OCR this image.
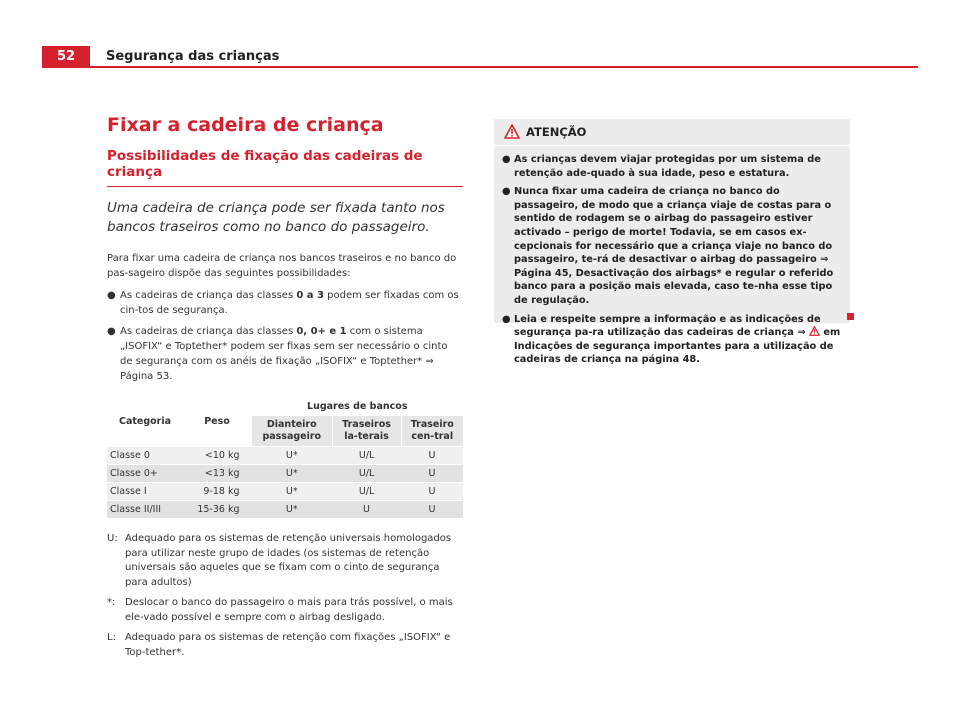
52	Segurança das crianças
Fixar a cadeira de criança
Possibilidades de fixação das cadeiras de criança
Uma cadeira de criança pode ser fixada tanto nos bancos traseiros como no banco do passageiro.

Para fixar uma cadeira de criança nos bancos traseiros e no banco do pas-sageiro dispõe das seguintes possibilidades:

● As cadeiras de criança das classes 0 a 3 podem ser fixadas com os cin-tos de segurança.
● As cadeiras de criança das classes 0, 0+ e 1 com o sistema „ISOFIX“ e Toptether* podem ser fixas sem ser necessário o cinto de segurança com os anéis de fixação „ISOFIX“ e Toptether* ⇒ Página 53.
Categoria	Peso	Lugares de bancos		
		Dianteiro passageiro	Traseiros la-terais	Traseiro cen-tral
Classe 0	<10 kg	U*	U/L	U
Classe 0+	<13 kg	U*	U/L	U
Classe I	9-18 kg	U*	U/L	U
Classe II/III	15-36 kg	U*	U	U
U: Adequado para os sistemas de retenção universais homologados para utilizar neste grupo de idades (os sistemas de retenção universais são aqueles que se fixam com o cinto de segurança para adultos)
*: Deslocar o banco do passageiro o mais para trás possível, o mais ele-vado possível e sempre com o airbag desligado.
L: Adequado para os sistemas de retenção com fixações „ISOFIX“ e Top-tether*.
ATENÇÃO
● As crianças devem viajar protegidas por um sistema de retenção ade-quado à sua idade, peso e estatura.
● Nunca fixar uma cadeira de criança no banco do passageiro, de modo que a criança viaje de costas para o sentido de rodagem se o airbag do passageiro estiver activado – perigo de morte! Todavia, se em casos ex-cepcionais for necessário que a criança viaje no banco do passageiro, te-rá de desactivar o airbag do passageiro ⇒ Página 45, Desactivação dos airbags* e regular o referido banco para a posição mais elevada, caso te-nha esse tipo de regulação.
● Leia e respeite sempre a informação e as indicações de segurança pa-ra utilização das cadeiras de criança ⇒  em Indicações de segurança importantes para a utilização de cadeiras de criança na página 48.
